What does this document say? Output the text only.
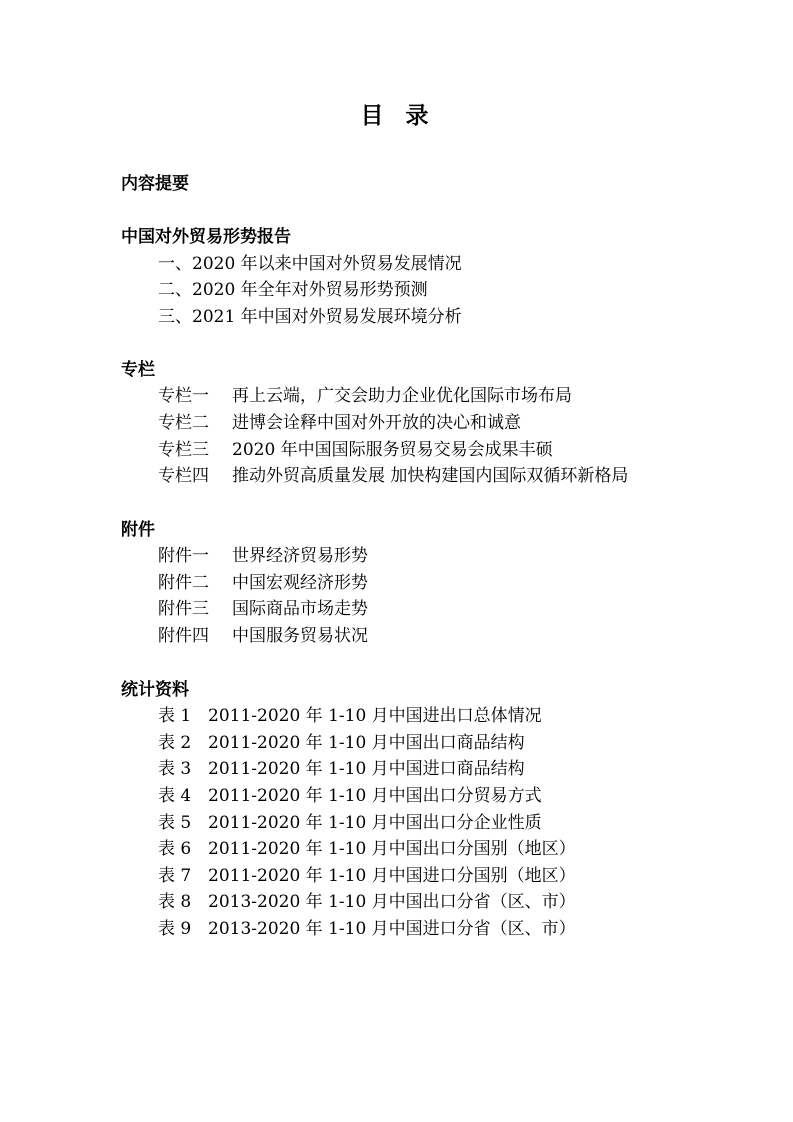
目 录
内容提要
中国对外贸易形势报告
一、2020 年以来中国对外贸易发展情况
二、2020 年全年对外贸易形势预测
三、2021 年中国对外贸易发展环境分析
专栏
专栏一 再上云端，广交会助力企业优化国际市场布局
专栏二 进博会诠释中国对外开放的决心和诚意
专栏三 2020 年中国国际服务贸易交易会成果丰硕
专栏四 推动外贸高质量发展 加快构建国内国际双循环新格局
附件
附件一 世界经济贸易形势
附件二 中国宏观经济形势
附件三 国际商品市场走势
附件四 中国服务贸易状况
统计资料
表 1 2011-2020 年 1-10 月中国进出口总体情况
表 2 2011-2020 年 1-10 月中国出口商品结构
表 3 2011-2020 年 1-10 月中国进口商品结构
表 4 2011-2020 年 1-10 月中国出口分贸易方式
表 5 2011-2020 年 1-10 月中国出口分企业性质
表 6 2011-2020 年 1-10 月中国出口分国别（地区）
表 7 2011-2020 年 1-10 月中国进口分国别（地区）
表 8 2013-2020 年 1-10 月中国出口分省（区、市）
表 9 2013-2020 年 1-10 月中国进口分省（区、市）
